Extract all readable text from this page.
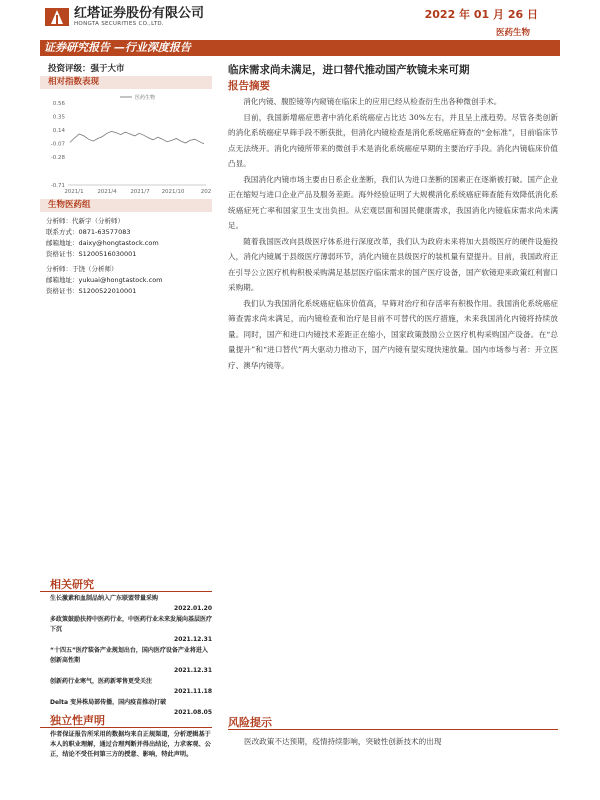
红塔证券股份有限公司
HONGTA SECURITIES CO.,LTD.
2022 年 01 月 26 日
医药生物
证券研究报告 —行业深度报告
投资评级：强于大市
相对指数表现
医药生物
0.56
0.35
0.14
-0.07
-0.28
-0.71
2021/1 2021/4 2021/7 2021/10	202
生物医药组
分析师：代新宇（分析师）
联系方式：0871-63577083
邮箱地址：daixy@hongtastock.com
资格证书：S1200516030001
分析师：于饶（分析师）
邮箱地址：yukuai@hongtastock.com
资格证书：S1200522010001
相关研究
生长激素和血制品纳入广东联盟带量采购
2022.01.20
多政策鼓励扶持中医药行业，中医药行业未来发展向基层医疗下沉
2021.12.31
“十四五”医疗装备产业规划出台，国内医疗设备产业将进入创新高性期
2021.12.31
创新药行业寒气，医药新零售更受关注
2021.11.18
Delta 变异株局部传播，国内疫苗推动打破
2021.08.05
独立性声明
作者保证报告所采用的数据均来自正规渠道，分析逻辑基于本人的职业理解，通过合理判断并得出结论，力求客观、公正，结论不受任何第三方的授意、影响，特此声明。
临床需求尚未满足，进口替代推动国产软镜未来可期
报告摘要

消化内镜、腹腔镜等内窥镜在临床上的应用已经从检查衍生出各种微创手术。

目前，我国新增癌症患者中消化系统癌症占比达 30%左右，并且呈上涨趋势。尽管各类创新的消化系统癌症早筛手段不断获批，但消化内镜检查是消化系统癌症筛查的“金标准”，目前临床节点无法绕开。消化内镜所带来的微创手术是消化系统癌症早期的主要治疗手段。消化内镜临床价值凸显。

我国消化内镜市场主要由日系企业垄断，我们认为进口垄断的国素正在逐渐被打破。国产企业正在缩短与进口企业产品及服务差距。海外经验证明了大规模消化系统癌症筛查能有效降低消化系统癌症死亡率和国家卫生支出负担。从宏观层面和国民健康需求，我国消化内镜临床需求尚未满足。

随着我国医改向县级医疗体系进行深度改革，我们认为政府未来将加大县级医疗的硬件设施投入，消化内镜属于县级医疗薄弱环节，消化内镜在县级医疗的装机量有望提升。目前，我国政府正在引导公立医疗机构积极采购满足基层医疗临床需求的国产医疗设备，国产软镜迎来政策红利窗口采购期。

我们认为我国消化系统癌症临床价值高，早筛对治疗和存活率有积极作用。我国消化系统癌症筛查需求尚未满足，而内镜检查和治疗是目前不可替代的医疗措施，未来我国消化内镜将持续放量。同时，国产和进口内镜技术差距正在缩小，国家政策鼓励公立医疗机构采购国产设备。在“总量提升”和“进口替代”两大驱动力推动下，国产内镜有望实现快速放量。国内市场参与者：开立医疗、澳华内镜等。

风险提示
医改政策不达预期，疫情持续影响，突破性创新技术的出现
